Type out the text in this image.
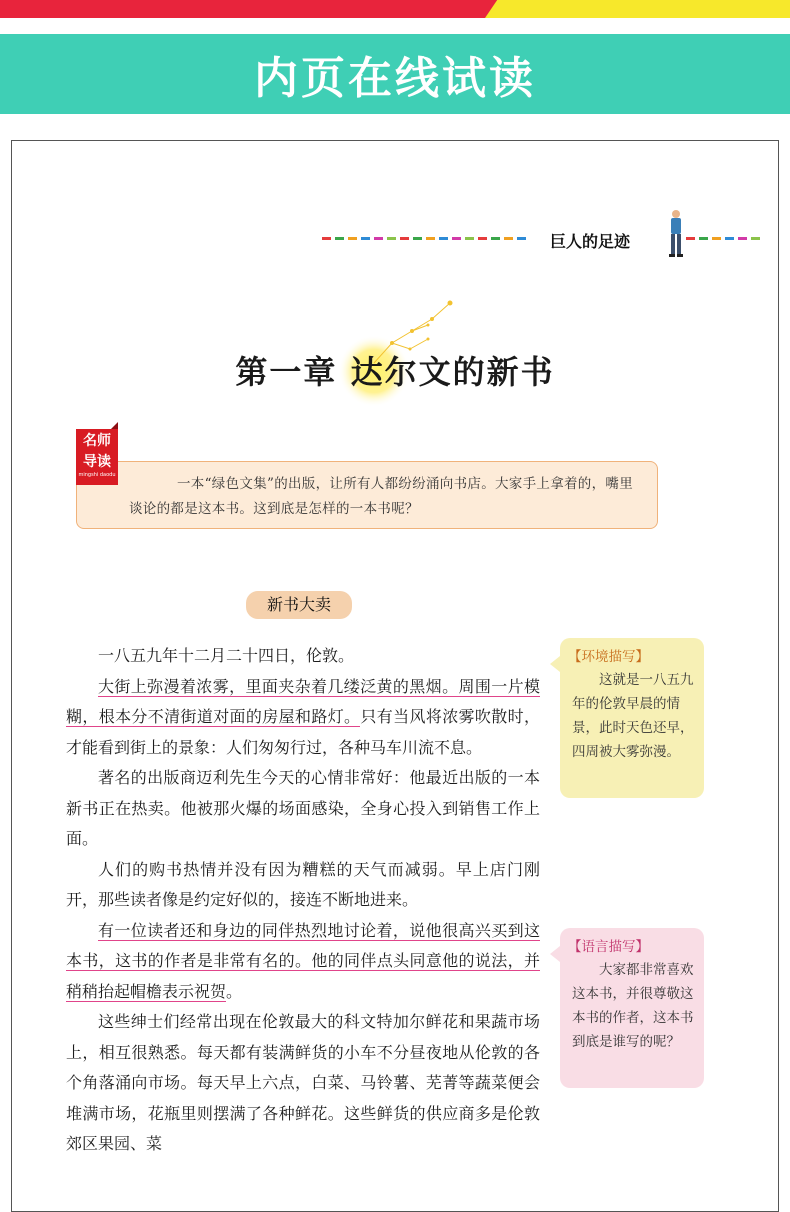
内页在线试读
巨人的足迹
第一章 达尔文的新书
一本“绿色文集”的出版，让所有人都纷纷涌向书店。大家手上拿着的，嘴里谈论的都是这本书。这到底是怎样的一本书呢？
名师
导读
mingshi daodu
新书大卖

一八五九年十二月二十四日，伦敦。

大街上弥漫着浓雾，里面夹杂着几缕泛黄的黑烟。周围一片模糊，根本分不清街道对面的房屋和路灯。只有当风将浓雾吹散时，才能看到街上的景象：人们匆匆行过，各种马车川流不息。

著名的出版商迈利先生今天的心情非常好：他最近出版的一本新书正在热卖。他被那火爆的场面感染，全身心投入到销售工作上面。

人们的购书热情并没有因为糟糕的天气而减弱。早上店门刚开，那些读者像是约定好似的，接连不断地进来。

有一位读者还和身边的同伴热烈地讨论着，说他很高兴买到这本书，这书的作者是非常有名的。他的同伴点头同意他的说法，并稍稍抬起帽檐表示祝贺。

这些绅士们经常出现在伦敦最大的科文特加尔鲜花和果蔬市场上，相互很熟悉。每天都有装满鲜货的小车不分昼夜地从伦敦的各个角落涌向市场。每天早上六点，白菜、马铃薯、芜菁等蔬菜便会堆满市场，花瓶里则摆满了各种鲜花。这些鲜货的供应商多是伦敦郊区果园、菜

【环境描写】
这就是一八五九年的伦敦早晨的情景，此时天色还早，四周被大雾弥漫。
【语言描写】
大家都非常喜欢这本书，并很尊敬这本书的作者，这本书到底是谁写的呢？
